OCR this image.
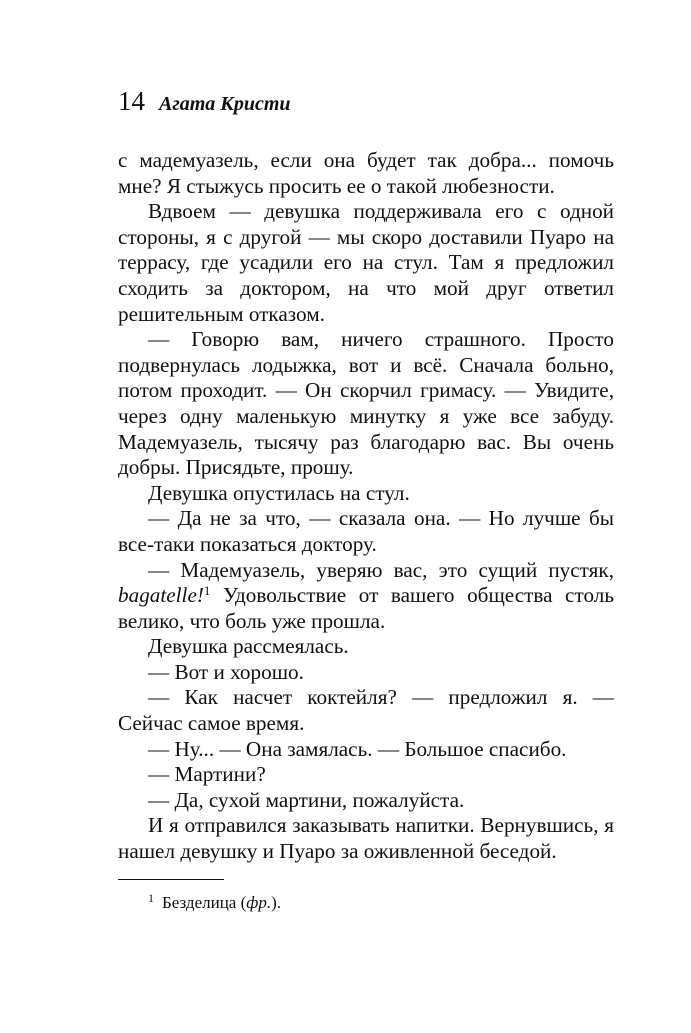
14 Агата Кристи

с мадемуазель, если она будет так добра... помочь мне? Я стыжусь просить ее о такой любезности.

Вдвоем — девушка поддерживала его с одной стороны, я с другой — мы скоро доставили Пуаро на террасу, где усадили его на стул. Там я предложил сходить за доктором, на что мой друг ответил решительным отказом.

— Говорю вам, ничего страшного. Просто подвернулась лодыжка, вот и всё. Сначала больно, потом проходит. — Он скорчил гримасу. — Увидите, через одну маленькую минутку я уже все забуду. Мадемуазель, тысячу раз благодарю вас. Вы очень добры. Присядьте, прошу.

Девушка опустилась на стул.

— Да не за что, — сказала она. — Но лучше бы все-таки показаться доктору.

— Мадемуазель, уверяю вас, это сущий пустяк, bagatelle!$^1$ Удовольствие от вашего общества столь велико, что боль уже прошла.

Девушка рассмеялась.

— Вот и хорошо.

— Как насчет коктейля? — предложил я. — Сейчас самое время.

— Ну... — Она замялась. — Большое спасибо.

— Мартини?

— Да, сухой мартини, пожалуйста.

И я отправился заказывать напитки. Вернувшись, я нашел девушку и Пуаро за оживленной беседой.

$^1$ Безделица (фр.).
